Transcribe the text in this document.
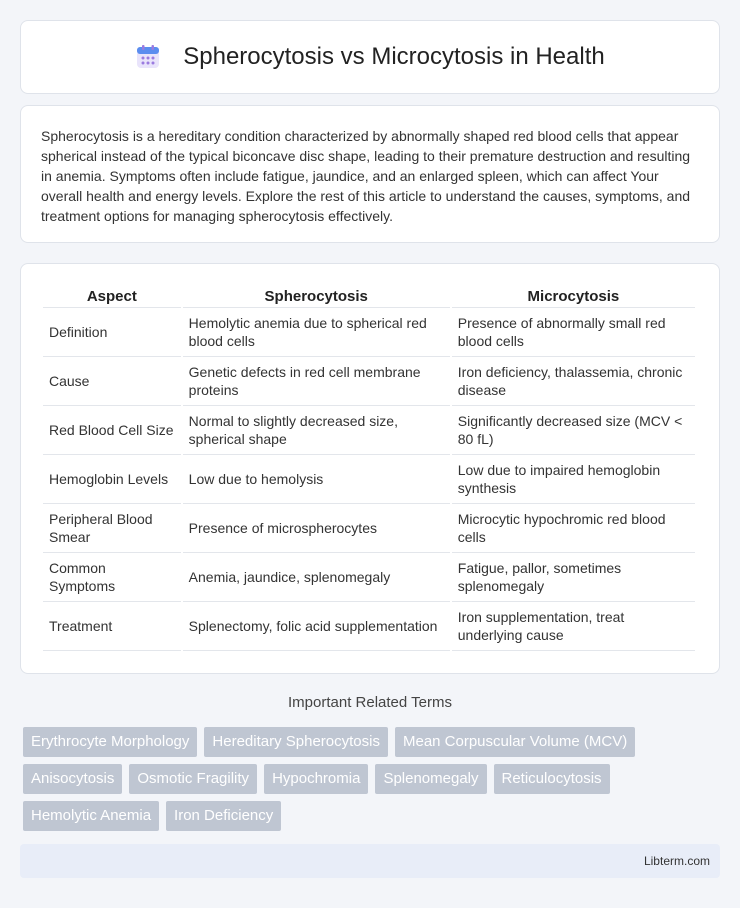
Spherocytosis vs Microcytosis in Health

Spherocytosis is a hereditary condition characterized by abnormally shaped red blood cells that appear spherical instead of the typical biconcave disc shape, leading to their premature destruction and resulting in anemia. Symptoms often include fatigue, jaundice, and an enlarged spleen, which can affect Your overall health and energy levels. Explore the rest of this article to understand the causes, symptoms, and treatment options for managing spherocytosis effectively.

Aspect	Spherocytosis	Microcytosis
Definition	Hemolytic anemia due to spherical red blood cells	Presence of abnormally small red blood cells
Cause	Genetic defects in red cell membrane proteins	Iron deficiency, thalassemia, chronic disease
Red Blood Cell Size	Normal to slightly decreased size, spherical shape	Significantly decreased size (MCV < 80 fL)
Hemoglobin Levels	Low due to hemolysis	Low due to impaired hemoglobin synthesis
Peripheral Blood Smear	Presence of microspherocytes	Microcytic hypochromic red blood cells
Common Symptoms	Anemia, jaundice, splenomegaly	Fatigue, pallor, sometimes splenomegaly
Treatment	Splenectomy, folic acid supplementation	Iron supplementation, treat underlying cause
Important Related Terms
Erythrocyte Morphology	Hereditary Spherocytosis	Mean Corpuscular Volume (MCV)
Anisocytosis	Osmotic Fragility	Hypochromia	Splenomegaly	Reticulocytosis
Hemolytic Anemia	Iron Deficiency
Libterm.com
